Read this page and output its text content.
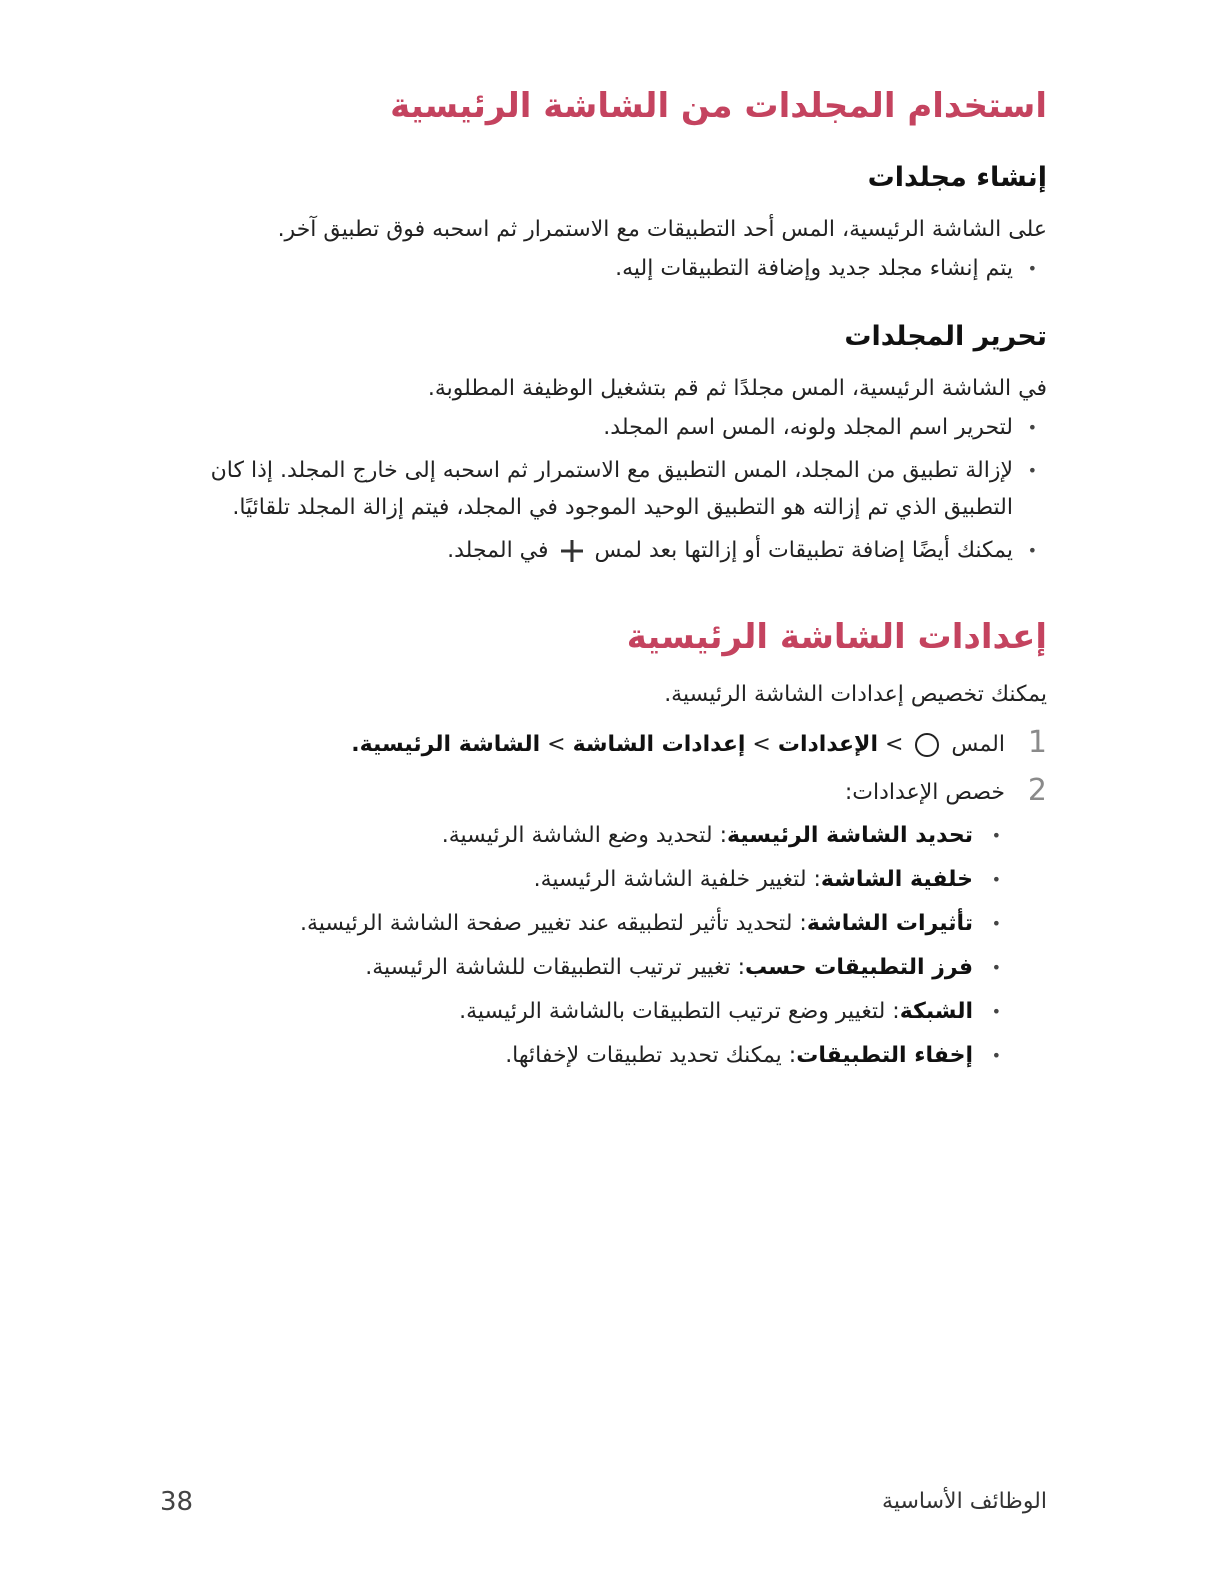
استخدام المجلدات من الشاشة الرئيسية
إنشاء مجلدات

على الشاشة الرئيسية، المس أحد التطبيقات مع الاستمرار ثم اسحبه فوق تطبيق آخر.

• يتم إنشاء مجلد جديد وإضافة التطبيقات إليه.
تحرير المجلدات

في الشاشة الرئيسية، المس مجلدًا ثم قم بتشغيل الوظيفة المطلوبة.

• لتحرير اسم المجلد ولونه، المس اسم المجلد.
• لإزالة تطبيق من المجلد، المس التطبيق مع الاستمرار ثم اسحبه إلى خارج المجلد. إذا كان التطبيق الذي تم إزالته هو التطبيق الوحيد الموجود في المجلد، فيتم إزالة المجلد تلقائيًا.
• يمكنك أيضًا إضافة تطبيقات أو إزالتها بعد لمس  في المجلد.
إعدادات الشاشة الرئيسية

يمكنك تخصيص إعدادات الشاشة الرئيسية.

1
المس  > الإعدادات > إعدادات الشاشة > الشاشة الرئيسية.
2
خصص الإعدادات:
• تحديد الشاشة الرئيسية: لتحديد وضع الشاشة الرئيسية.
• خلفية الشاشة: لتغيير خلفية الشاشة الرئيسية.
• تأثيرات الشاشة: لتحديد تأثير لتطبيقه عند تغيير صفحة الشاشة الرئيسية.
• فرز التطبيقات حسب: تغيير ترتيب التطبيقات للشاشة الرئيسية.
• الشبكة: لتغيير وضع ترتيب التطبيقات بالشاشة الرئيسية.
• إخفاء التطبيقات: يمكنك تحديد تطبيقات لإخفائها.
38	الوظائف الأساسية
